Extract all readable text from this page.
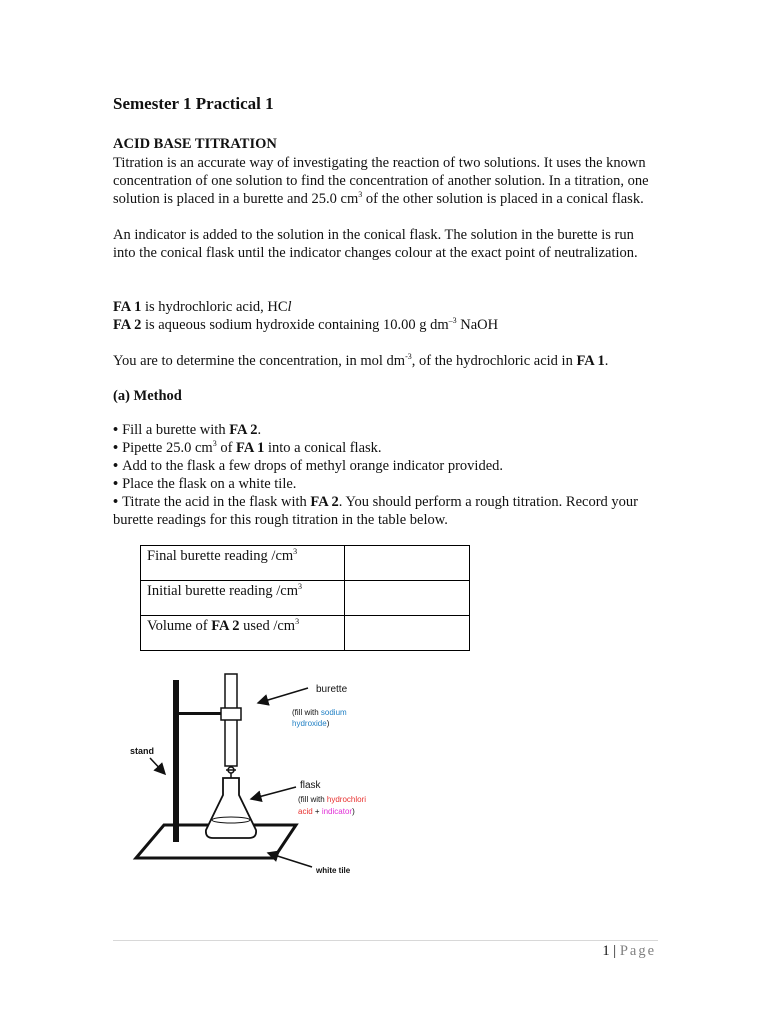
Semester 1 Practical 1
ACID BASE TITRATION

Titration is an accurate way of investigating the reaction of two solutions. It uses the known concentration of one solution to find the concentration of another solution. In a titration, one solution is placed in a burette and 25.0 $cm^3$ of the other solution is placed in a conical flask.

An indicator is added to the solution in the conical flask. The solution in the burette is run into the conical flask until the indicator changes colour at the exact point of neutralization.

FA 1 is hydrochloric acid, HCl

FA 2 is aqueous sodium hydroxide containing 10.00 g $dm^{-3}$ NaOH

You are to determine the concentration, in mol $dm^{-3}$, of the hydrochloric acid in FA 1.

(a) Method

• Fill a burette with FA 2.
• Pipette 25.0 $cm^3$ of FA 1 into a conical flask.
• Add to the flask a few drops of methyl orange indicator provided.
• Place the flask on a white tile.
• Titrate the acid in the flask with FA 2. You should perform a rough titration. Record your burette readings for this rough titration in the table below.
Final burette reading $/cm^3$	
Initial burette reading $/cm^3$	
Volume of FA 2 used $/cm^3$	
burette
(fill with sodium
hydroxide)
stand
flask
(fill with hydrochlori
acid + indicator)
white tile
1 | Page
